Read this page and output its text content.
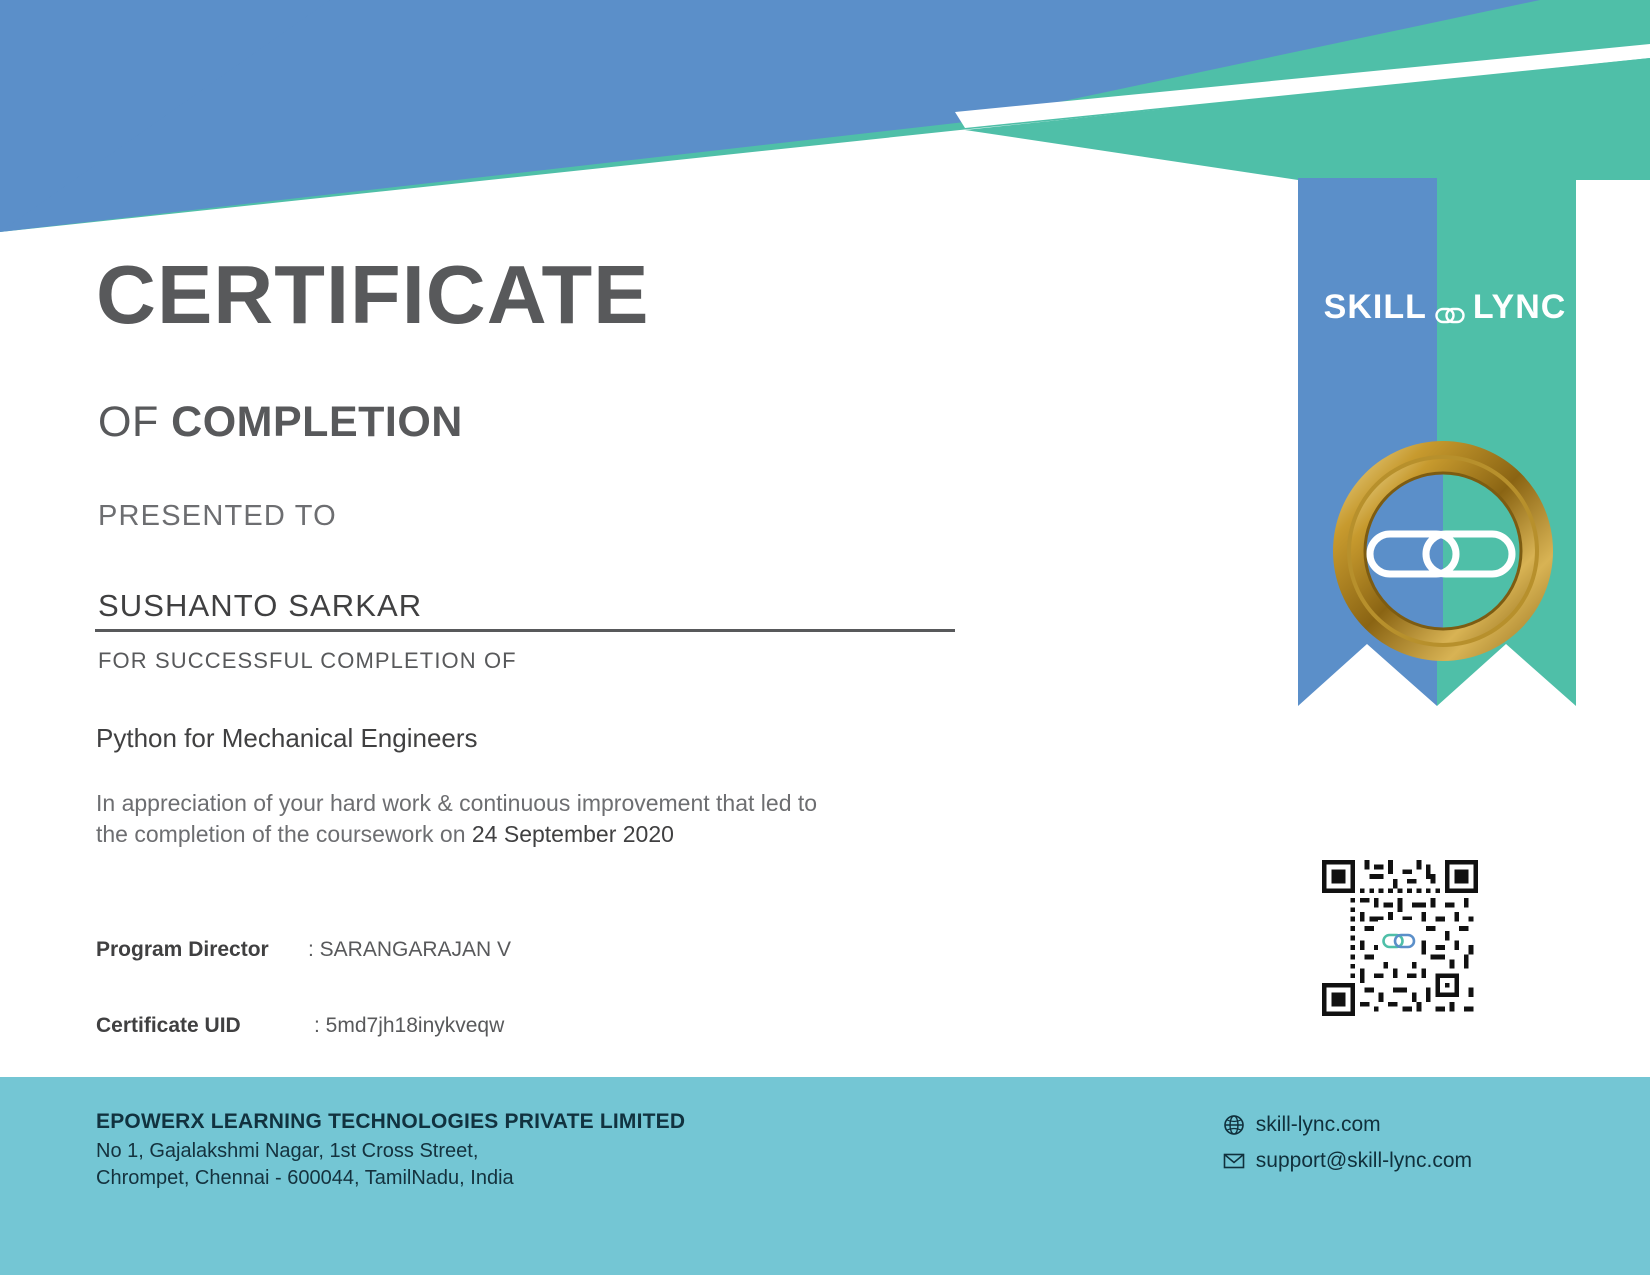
SKILL LYNC
CERTIFICATE
OF COMPLETION
PRESENTED TO
SUSHANTO SARKAR
FOR SUCCESSFUL COMPLETION OF
Python for Mechanical Engineers
In appreciation of your hard work & continuous improvement that led to
the completion of the coursework on 24 September 2020
Program Director : SARANGARAJAN V
Certificate UID	: 5md7jh18inykveqw
EPOWERX LEARNING TECHNOLOGIES PRIVATE LIMITED
No 1, Gajalakshmi Nagar, 1st Cross Street,
Chrompet, Chennai - 600044, TamilNadu, India
skill-lync.com
support@skill-lync.com
